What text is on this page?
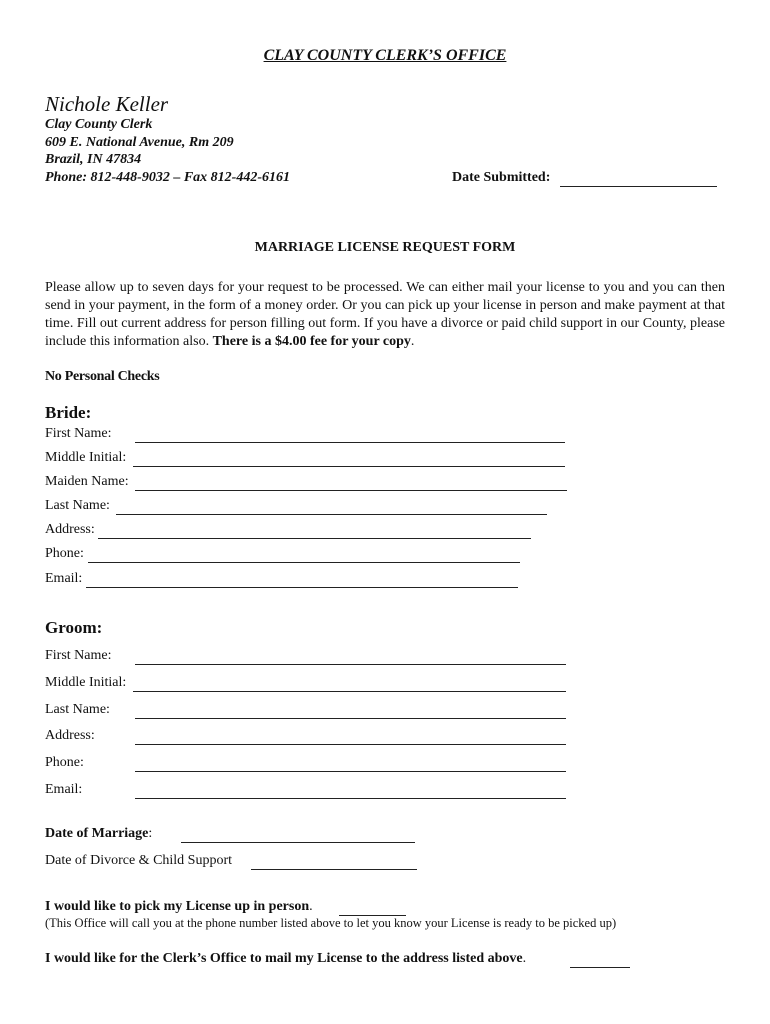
CLAY COUNTY CLERK’S OFFICE
Nichole Keller
Clay County Clerk
609 E. National Avenue, Rm 209
Brazil, IN 47834
Phone: 812-448-9032 – Fax 812-442-6161	Date Submitted:
MARRIAGE LICENSE REQUEST FORM
Please allow up to seven days for your request to be processed. We can either mail your license to you and you can then send in your payment, in the form of a money order. Or you can pick up your license in person and make payment at that time. Fill out current address for person filling out form. If you have a divorce or paid child support in our County, please include this information also. There is a $4.00 fee for your copy.
No Personal Checks
Bride:
First Name:
Middle Initial:
Maiden Name:
Last Name:
Address:
Phone:
Email:
Groom:
First Name:
Middle Initial:
Last Name:
Address:
Phone:
Email:
Date of Marriage:
Date of Divorce & Child Support
I would like to pick my License up in person.
(This Office will call you at the phone number listed above to let you know your License is ready to be picked up)
I would like for the Clerk’s Office to mail my License to the address listed above.
